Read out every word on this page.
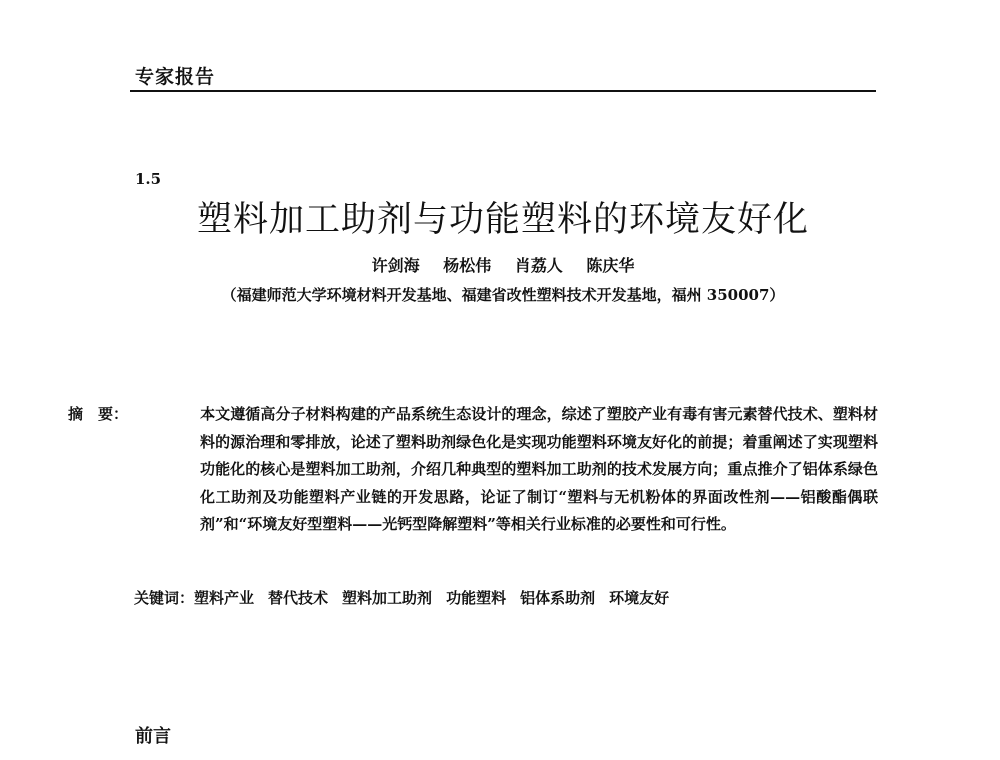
专家报告
1.5
塑料加工助剂与功能塑料的环境友好化
许剑海 杨松伟 肖荔人 陈庆华
（福建师范大学环境材料开发基地、福建省改性塑料技术开发基地，福州 350007）

摘　要：	本文遵循高分子材料构建的产品系统生态设计的理念，综述了塑胶产业有毒有害元素替代技术、塑料材料的源治理和零排放，论述了塑料助剂绿色化是实现功能塑料环境友好化的前提；着重阐述了实现塑料功能化的核心是塑料加工助剂，介绍几种典型的塑料加工助剂的技术发展方向；重点推介了铝体系绿色化工助剂及功能塑料产业链的开发思路，论证了制订“塑料与无机粉体的界面改性剂——铝酸酯偶联剂”和“环境友好型塑料——光钙型降解塑料”等相关行业标准的必要性和可行性。

关键词：塑料产业 替代技术 塑料加工助剂 功能塑料 铝体系助剂 环境友好
前言
